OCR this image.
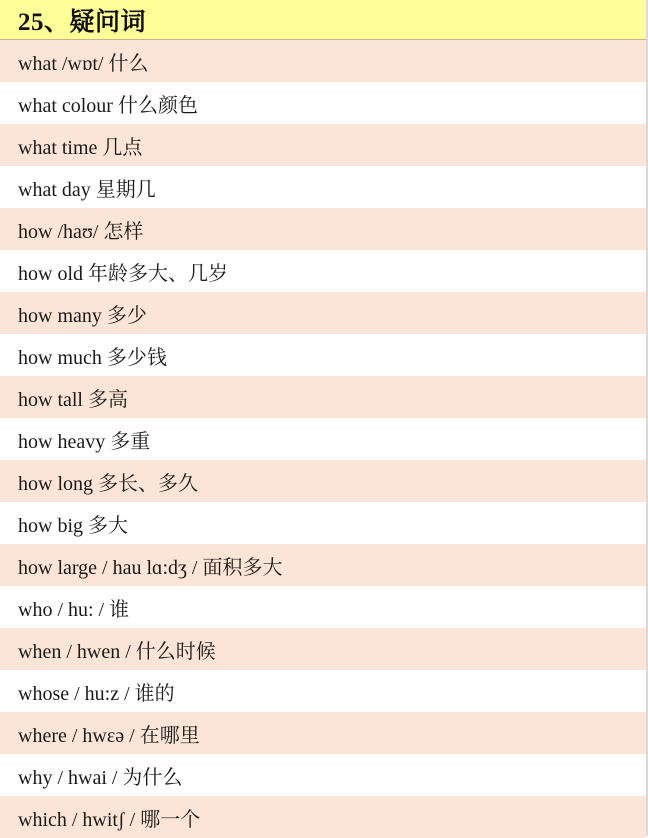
25、疑问词
what /wɒt/ 什么
what colour 什么颜色
what time 几点
what day 星期几
how /haʊ/ 怎样
how old 年龄多大、几岁
how many 多少
how much 多少钱
how tall 多高
how heavy 多重
how long 多长、多久
how big 多大
how large / hau lɑ:dʒ / 面积多大
who / hu: / 谁
when / hwen / 什么时候
whose / hu:z / 谁的
where / hwɛə / 在哪里
why / hwai / 为什么
which / hwitʃ / 哪一个
